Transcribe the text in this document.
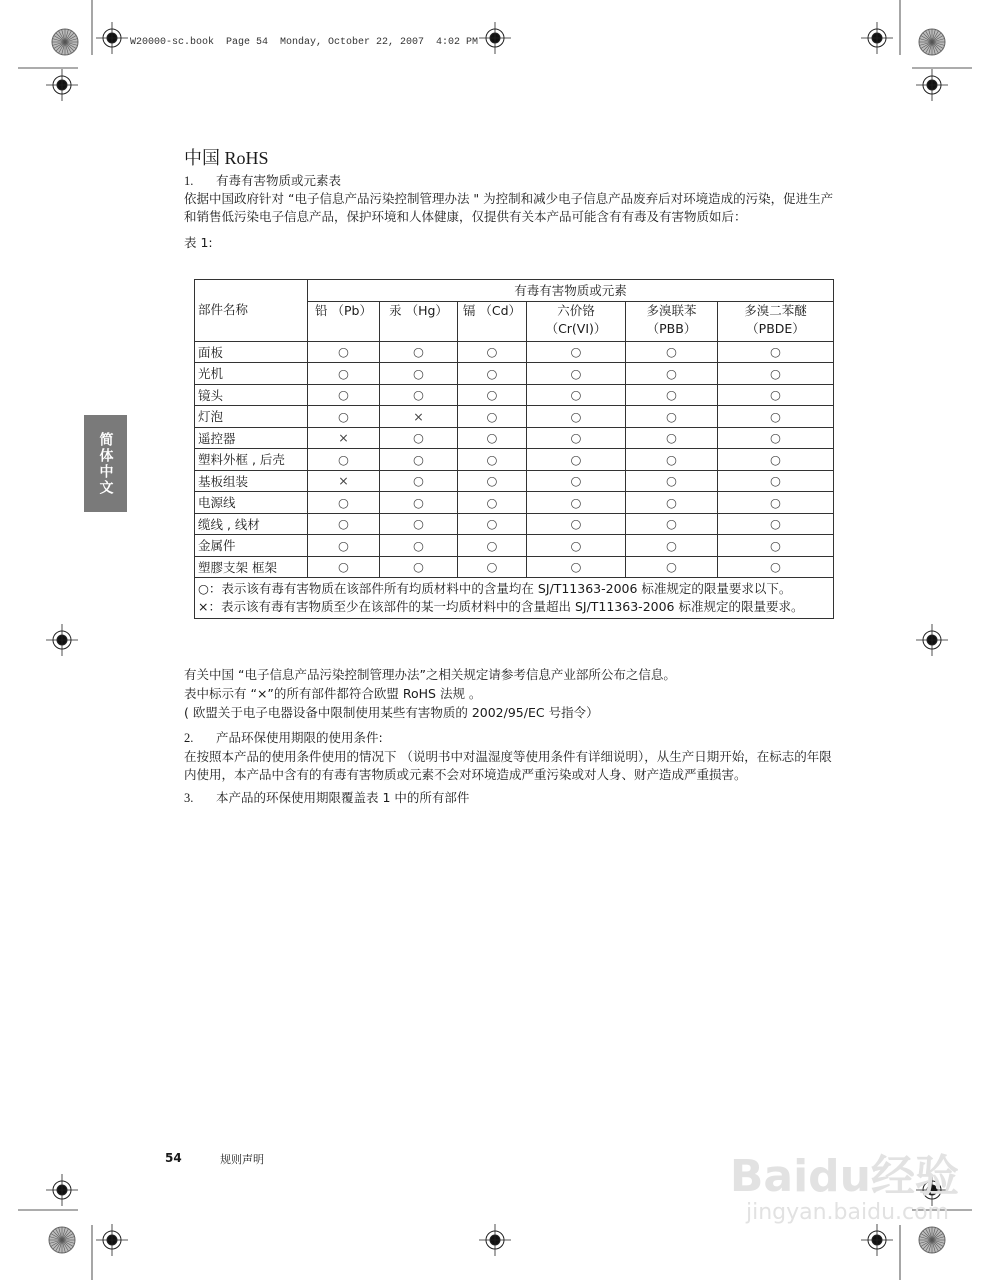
W20000-sc.book  Page 54  Monday, October 22, 2007  4:02 PM
中国 RoHS
1. 有毒有害物质或元素表
依据中国政府针对 “电子信息产品污染控制管理办法 " 为控制和减少电子信息产品废弃后对环境造成的污染，促进生产和销售低污染电子信息产品，保护环境和人体健康，仅提供有关本产品可能含有有毒及有害物质如后：
表 1:
部件名称	有毒有害物质或元素

铅 （Pb）	汞 （Hg）	镉 （Cd）	六价铬
（Cr(VI)）

多溴联苯
（PBB）

多溴二苯醚
（PBDE）

面板	○	○	○	○	○	○
光机	○	○	○	○	○	○
镜头	○	○	○	○	○	○
灯泡	○	×	○	○	○	○
遥控器	×	○	○	○	○	○
塑料外框 , 后壳	○	○	○	○	○	○
基板组装	×	○	○	○	○	○
电源线	○	○	○	○	○	○
缆线 , 线材	○	○	○	○	○	○
金属件	○	○	○	○	○	○
塑膠支架 框架	○	○	○	○	○	○

○：表示该有毒有害物质在该部件所有均质材料中的含量均在 SJ/T11363-2006 标准规定的限量要求以下。
×：表示该有毒有害物质至少在该部件的某一均质材料中的含量超出 SJ/T11363-2006 标准规定的限量要求。
有关中国 “电子信息产品污染控制管理办法”之相关规定请参考信息产业部所公布之信息。
表中标示有 “×”的所有部件都符合欧盟 RoHS 法规 。
( 欧盟关于电子电器设备中限制使用某些有害物质的 2002/95/EC 号指令）
2. 产品环保使用期限的使用条件:
在按照本产品的使用条件使用的情况下 （说明书中对温湿度等使用条件有详细说明），从生产日期开始，在标志的年限内使用，本产品中含有的有毒有害物质或元素不会对环境造成严重污染或对人身、财产造成严重损害。
3. 本产品的环保使用期限覆盖表 1 中的所有部件
简体中文
54	规则声明	Baidu经验
jingyan.baidu.com
